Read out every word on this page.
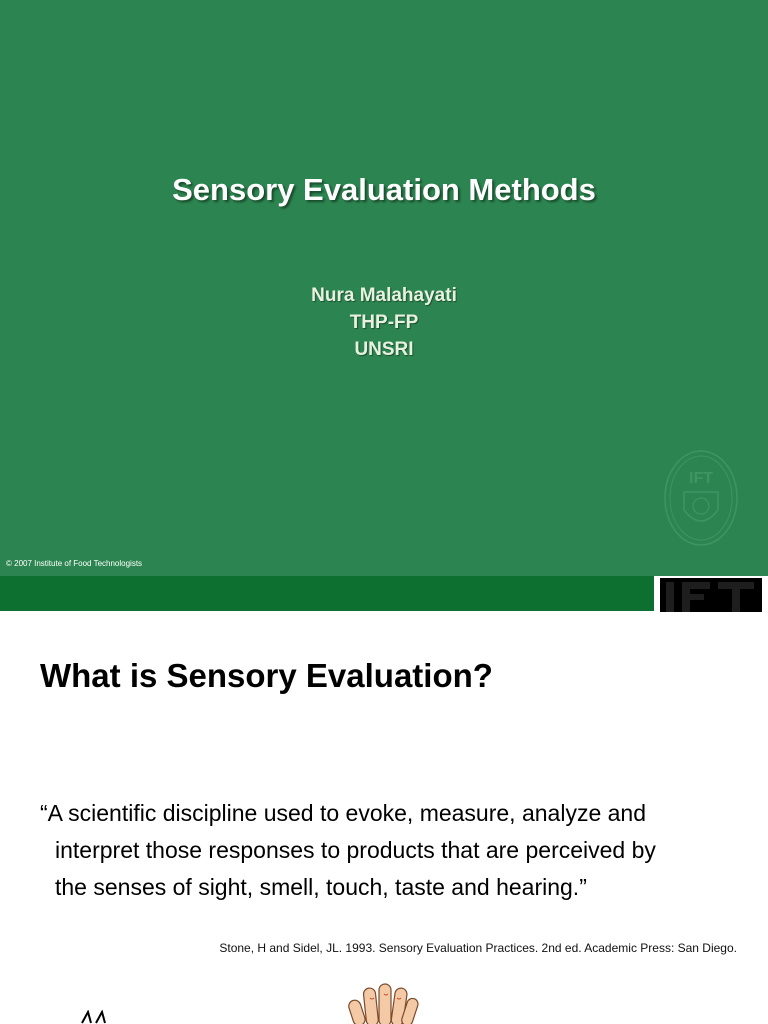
Sensory Evaluation Methods
Nura Malahayati
THP-FP
UNSRI
IFT
© 2007 Institute of Food Technologists
What is Sensory Evaluation?
“A scientific discipline used to evoke, measure, analyze and
interpret those responses to products that are perceived by
the senses of sight, smell, touch, taste and hearing.”
Stone, H and Sidel, JL. 1993. Sensory Evaluation Practices. 2nd ed. Academic Press: San Diego.
